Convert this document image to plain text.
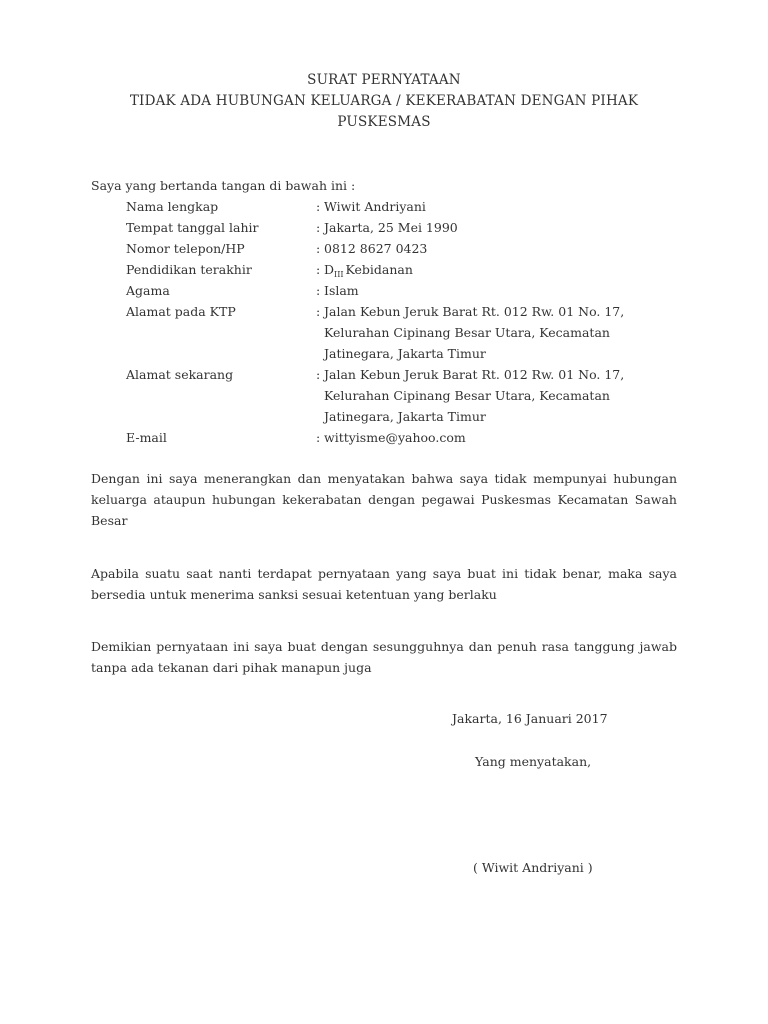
SURAT PERNYATAAN
TIDAK ADA HUBUNGAN KELUARGA / KEKERABATAN DENGAN PIHAK
PUSKESMAS
Saya yang bertanda tangan di bawah ini :
Nama lengkap	: Wiwit Andriyani
Tempat tanggal lahir	: Jakarta, 25 Mei 1990
Nomor telepon/HP	: 0812 8627 0423
Pendidikan terakhir	: $D_{III}$ Kebidanan
Agama	: Islam
Alamat pada KTP	: Jalan Kebun Jeruk Barat Rt. 012 Rw. 01 No. 17,
Kelurahan Cipinang Besar Utara, Kecamatan
Jatinegara, Jakarta Timur
Alamat sekarang	: Jalan Kebun Jeruk Barat Rt. 012 Rw. 01 No. 17,
Kelurahan Cipinang Besar Utara, Kecamatan
Jatinegara, Jakarta Timur
E-mail	: wittyisme@yahoo.com
Dengan ini saya menerangkan dan menyatakan bahwa saya tidak mempunyai hubungan
keluarga ataupun hubungan kekerabatan dengan pegawai Puskesmas Kecamatan Sawah
Besar
Apabila suatu saat nanti terdapat pernyataan yang saya buat ini tidak benar, maka saya
bersedia untuk menerima sanksi sesuai ketentuan yang berlaku
Demikian pernyataan ini saya buat dengan sesungguhnya dan penuh rasa tanggung jawab
tanpa ada tekanan dari pihak manapun juga
Jakarta, 16 Januari 2017
Yang menyatakan,
( Wiwit Andriyani )
